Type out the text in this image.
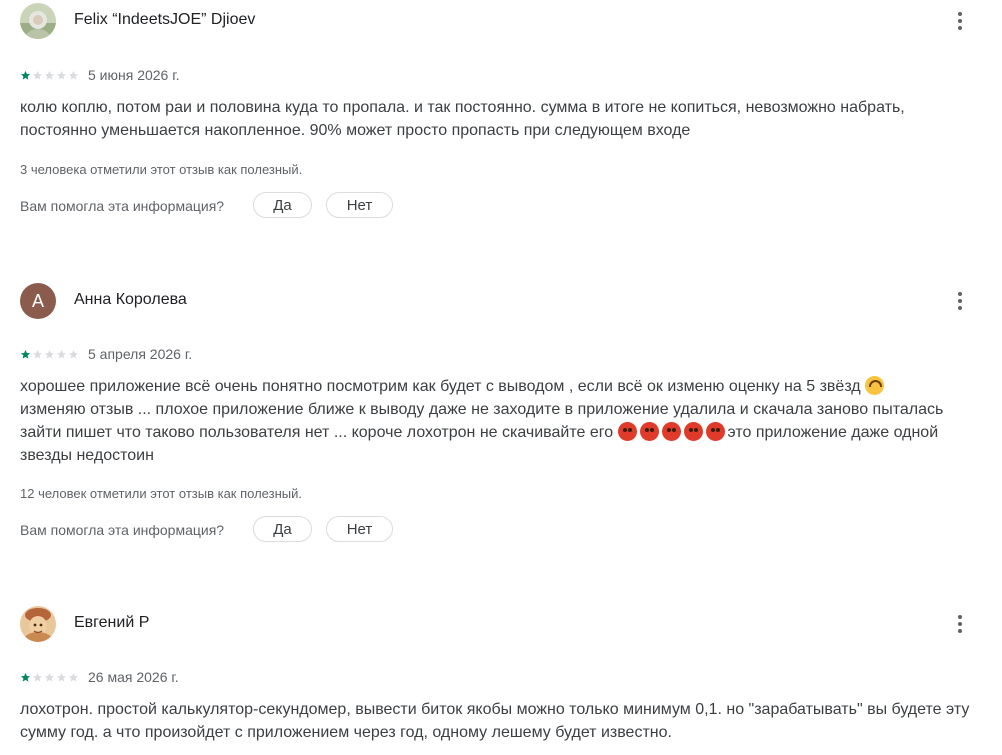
Felix “IndeetsJOE” Djioev
5 июня 2026 г.
колю коплю, потом раи и половина куда то пропала. и так постоянно. сумма в итоге не копиться, невозможно набрать, постоянно уменьшается накопленное. 90% может просто пропасть при следующем входе
3 человека отметили этот отзыв как полезный.
Вам помогла эта информация?	Да	Нет
А	Анна Королева
5 апреля 2026 г.
хорошее приложение всё очень понятно посмотрим как будет с выводом , если всё ок изменю оценку на 5 звёзд
изменяю отзыв ... плохое приложение ближе к выводу даже не заходите в приложение удалила и скачала заново пыталась зайти пишет что таково пользователя нет ... короче лохотрон не скачивайте его	это приложение даже одной звезды недостоин
12 человек отметили этот отзыв как полезный.
Вам помогла эта информация?	Да	Нет
Евгений Р
26 мая 2026 г.
лохотрон. простой калькулятор-секундомер, вывести биток якобы можно только минимум 0,1. но "зарабатывать" вы будете эту сумму год. а что произойдет с приложением через год, одному лешему будет известно.
